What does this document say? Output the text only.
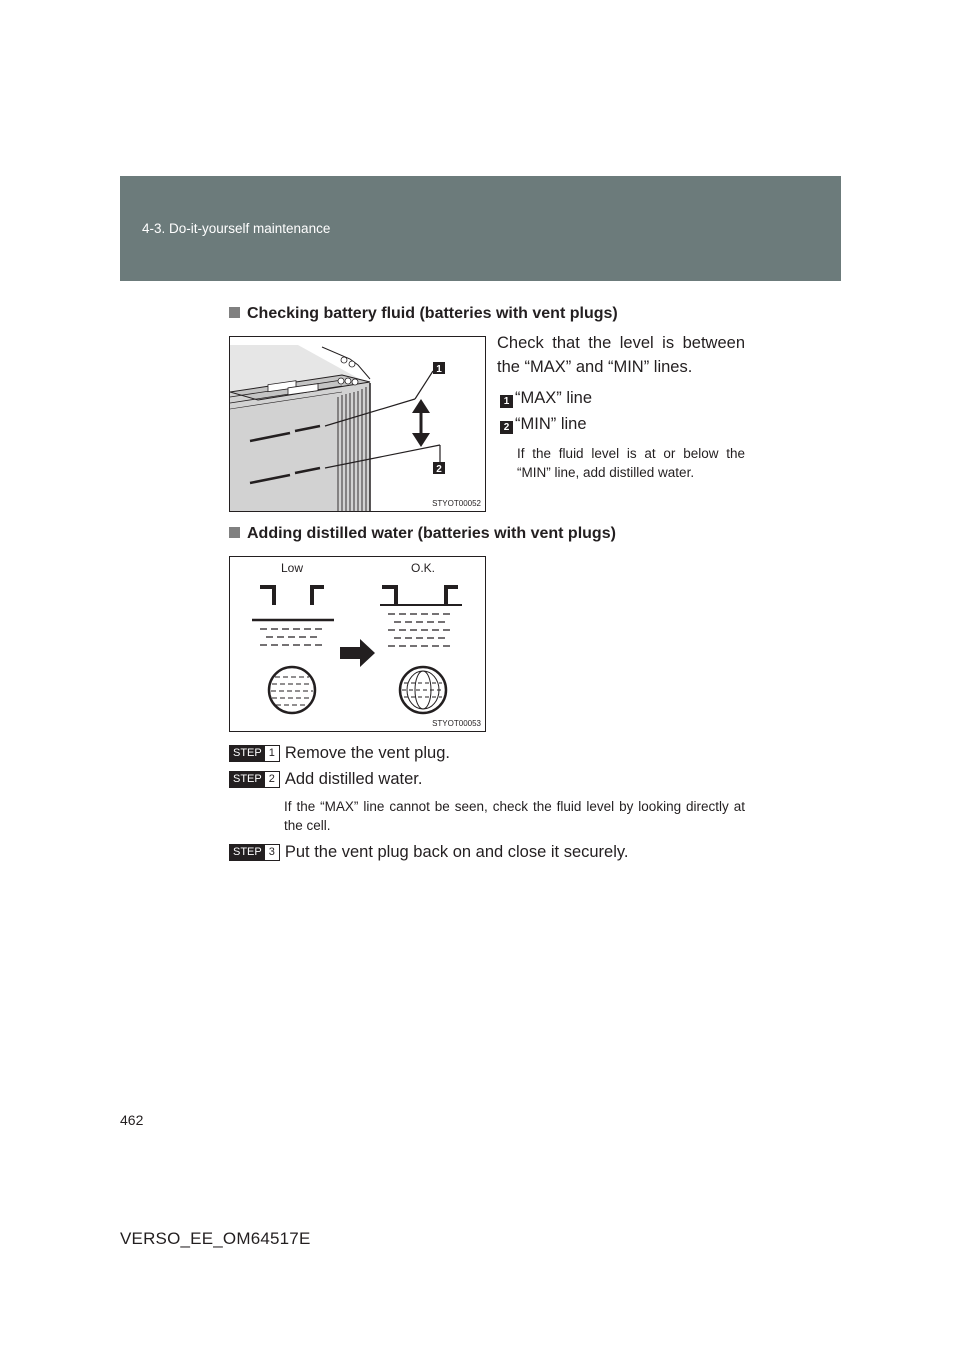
4-3. Do-it-yourself maintenance
Checking battery fluid (batteries with vent plugs)
1
2
STYOT00052
Check that the level is between the “MAX” and “MIN” lines.
1 “MAX” line
2 “MIN” line
If the fluid level is at or below the “MIN” line, add distilled water.
Adding distilled water (batteries with vent plugs)
Low	O.K.
STYOT00053
STEP 1 Remove the vent plug.
STEP 2 Add distilled water.
If the “MAX” line cannot be seen, check the fluid level by looking directly at the cell.
STEP 3 Put the vent plug back on and close it securely.
462
VERSO_EE_OM64517E
